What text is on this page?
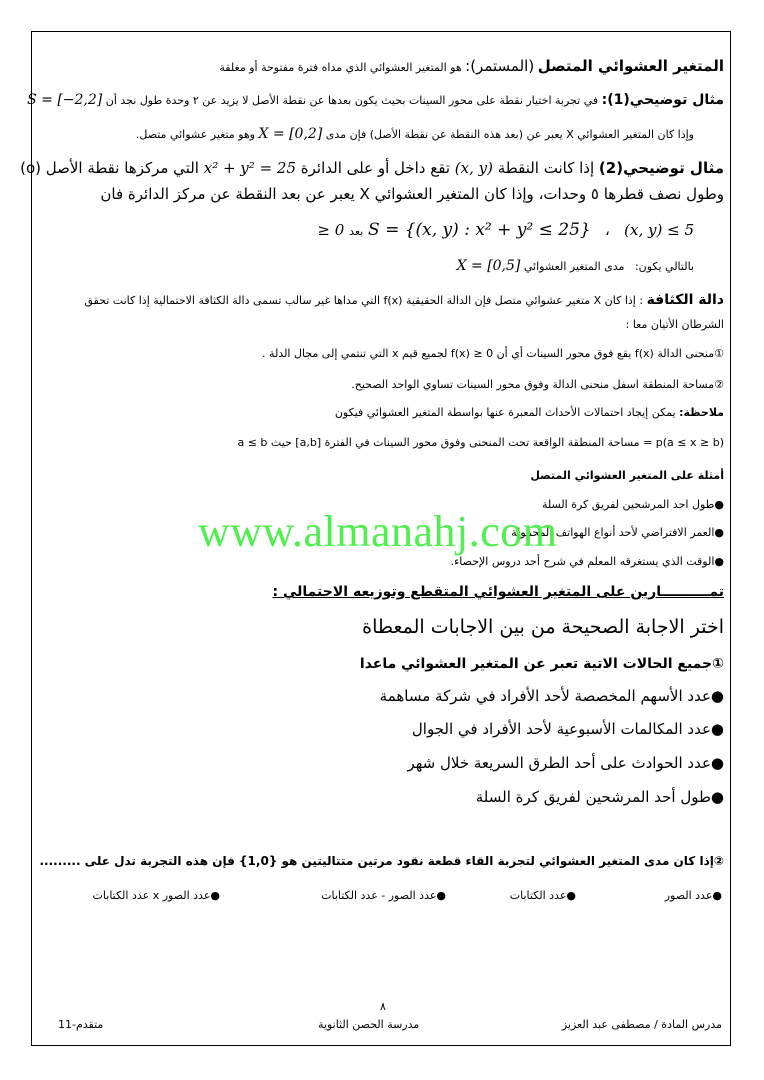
المتغير العشوائي المتصل (المستمر): هو المتغير العشوائي الذي مداه فترة مفتوحة أو مغلقة
مثال توضيحي(1): في تجربة اختيار نقطة على محور السينات بحيث يكون بعدها عن نقطة الأصل لا يزيد عن ٢ وحدة طول نجد أن S = [−2,2]
وإذا كان المتغير العشوائي X يعبر عن (بعد هذه النقطة عن نقطة الأصل) فإن مدى X = [0,2] وهو متغير عشوائي متصل.
مثال توضيحي(2) إذا كانت النقطة (x, y) تقع داخل أو على الدائرة x² + y² = 25 التي مركزها نقطة الأصل (o)
وطول نصف قطرها ٥ وحدات، وإذا كان المتغير العشوائي X يعبر عن بعد النقطة عن مركز الدائرة فان
S = {(x, y) : x² + y² ≤ 25} ، (x, y) ≤ 5 بعد 0 ≤
بالتالي يكون:   مدى المتغير العشوائي X = [0,5]
دالة الكثافة : إذا كان X متغير عشوائي متصل فإن الدالة الحقيقية f(x) التي مداها غير سالب تسمى دالة الكثافة الاحتمالية إذا كانت تحقق
الشرطان الأتيان معا :
①منحنى الدالة f(x) يقع فوق محور السينات أي أن f(x) ≥ 0 لجميع قيم x التي تنتمي إلى مجال الدلة .
②مساحة المنطقة اسفل منحنى الدالة وفوق محور السينات تساوي الواحد الصحيح.
ملاحظة: يمكن إيجاد احتمالات الأحداث المعبرة عنها بواسطة المتغير العشوائي فيكون
p(a ≤ x ≥ b) = مساحة المنطقة الواقعة تحت المنحنى وفوق محور السينات في الفترة [a,b] حيث a ≤ b
أمثلة على المتغير العشوائي المتصل
●طول احد المرشحين لفريق كرة السلة
●العمر الافتراضي لأحد أنواع الهواتف المحمولة
●الوقت الذي يستغرقه المعلم في شرح أحد دروس الإحصاء.
www.almanahj.com
تمــــــــــارين على المتغير العشوائي المتقطع وتوزيعه الاحتمالي :
اختر الاجابة الصحيحة من بين الاجابات المعطاة
①جميع الحالات الاتية تعبر عن المتغير العشوائي ماعدا
●عدد الأسهم المخصصة لأحد الأفراد في شركة مساهمة
●عدد المكالمات الأسبوعية لأحد الأفراد في الجوال
●عدد الحوادث على أحد الطرق السريعة خلال شهر
●طول أحد المرشحين لفريق كرة السلة
②إذا كان مدى المتغير العشوائي لتجربة القاء قطعة نقود مرتين متتاليتين هو {1,0} فإن هذه التجربة تدل على .........
●عدد الصور
●عدد الكتابات
●عدد الصور - عدد الكتابات
●عدد الصور x عدد الكتابات
٨
مدرس المادة / مصطفى عبد العزيز
مدرسة الحصن الثانوية
11-متقدم
